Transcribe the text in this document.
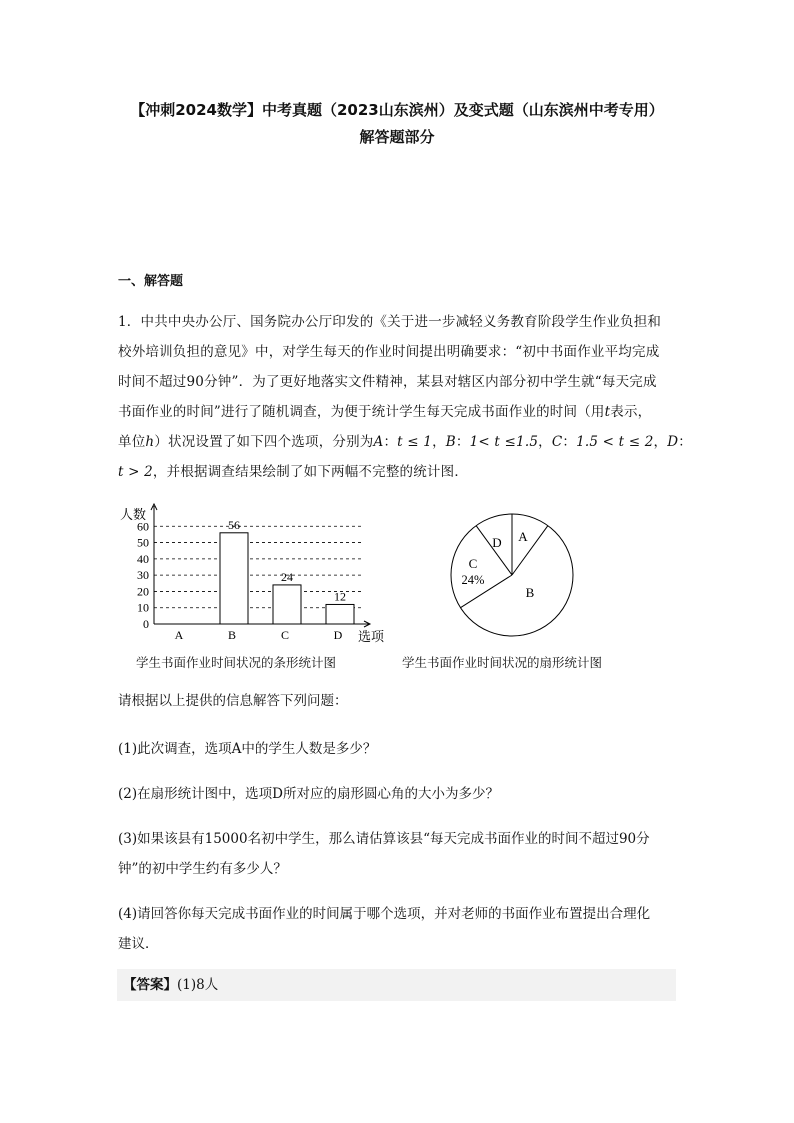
【冲刺2024数学】中考真题（2023山东滨州）及变式题（山东滨州中考专用）
解答题部分
一、解答题
1．中共中央办公厅、国务院办公厅印发的《关于进一步减轻义务教育阶段学生作业负担和
校外培训负担的意见》中，对学生每天的作业时间提出明确要求：“初中书面作业平均完成
时间不超过90分钟”．为了更好地落实文件精神，某县对辖区内部分初中学生就“每天完成
书面作业的时间”进行了随机调查，为便于统计学生每天完成书面作业的时间（用t表示，
单位h）状况设置了如下四个选项，分别为A：t ≤ 1，B：1< t ≤1.5，C：1.5 < t ≤ 2，D：
t > 2，并根据调查结果绘制了如下两幅不完整的统计图．
0
10
20
30
40
50
60
人数
选项
A	B
56
C
24
D
12
A
B
C
D
24%
学生书面作业时间状况的条形统计图	学生书面作业时间状况的扇形统计图
请根据以上提供的信息解答下列问题：
(1)此次调查，选项A中的学生人数是多少？
(2)在扇形统计图中，选项D所对应的扇形圆心角的大小为多少？
(3)如果该县有15000名初中学生，那么请估算该县“每天完成书面作业的时间不超过90分
钟”的初中学生约有多少人？
(4)请回答你每天完成书面作业的时间属于哪个选项，并对老师的书面作业布置提出合理化
建议．
【答案】(1)8人
